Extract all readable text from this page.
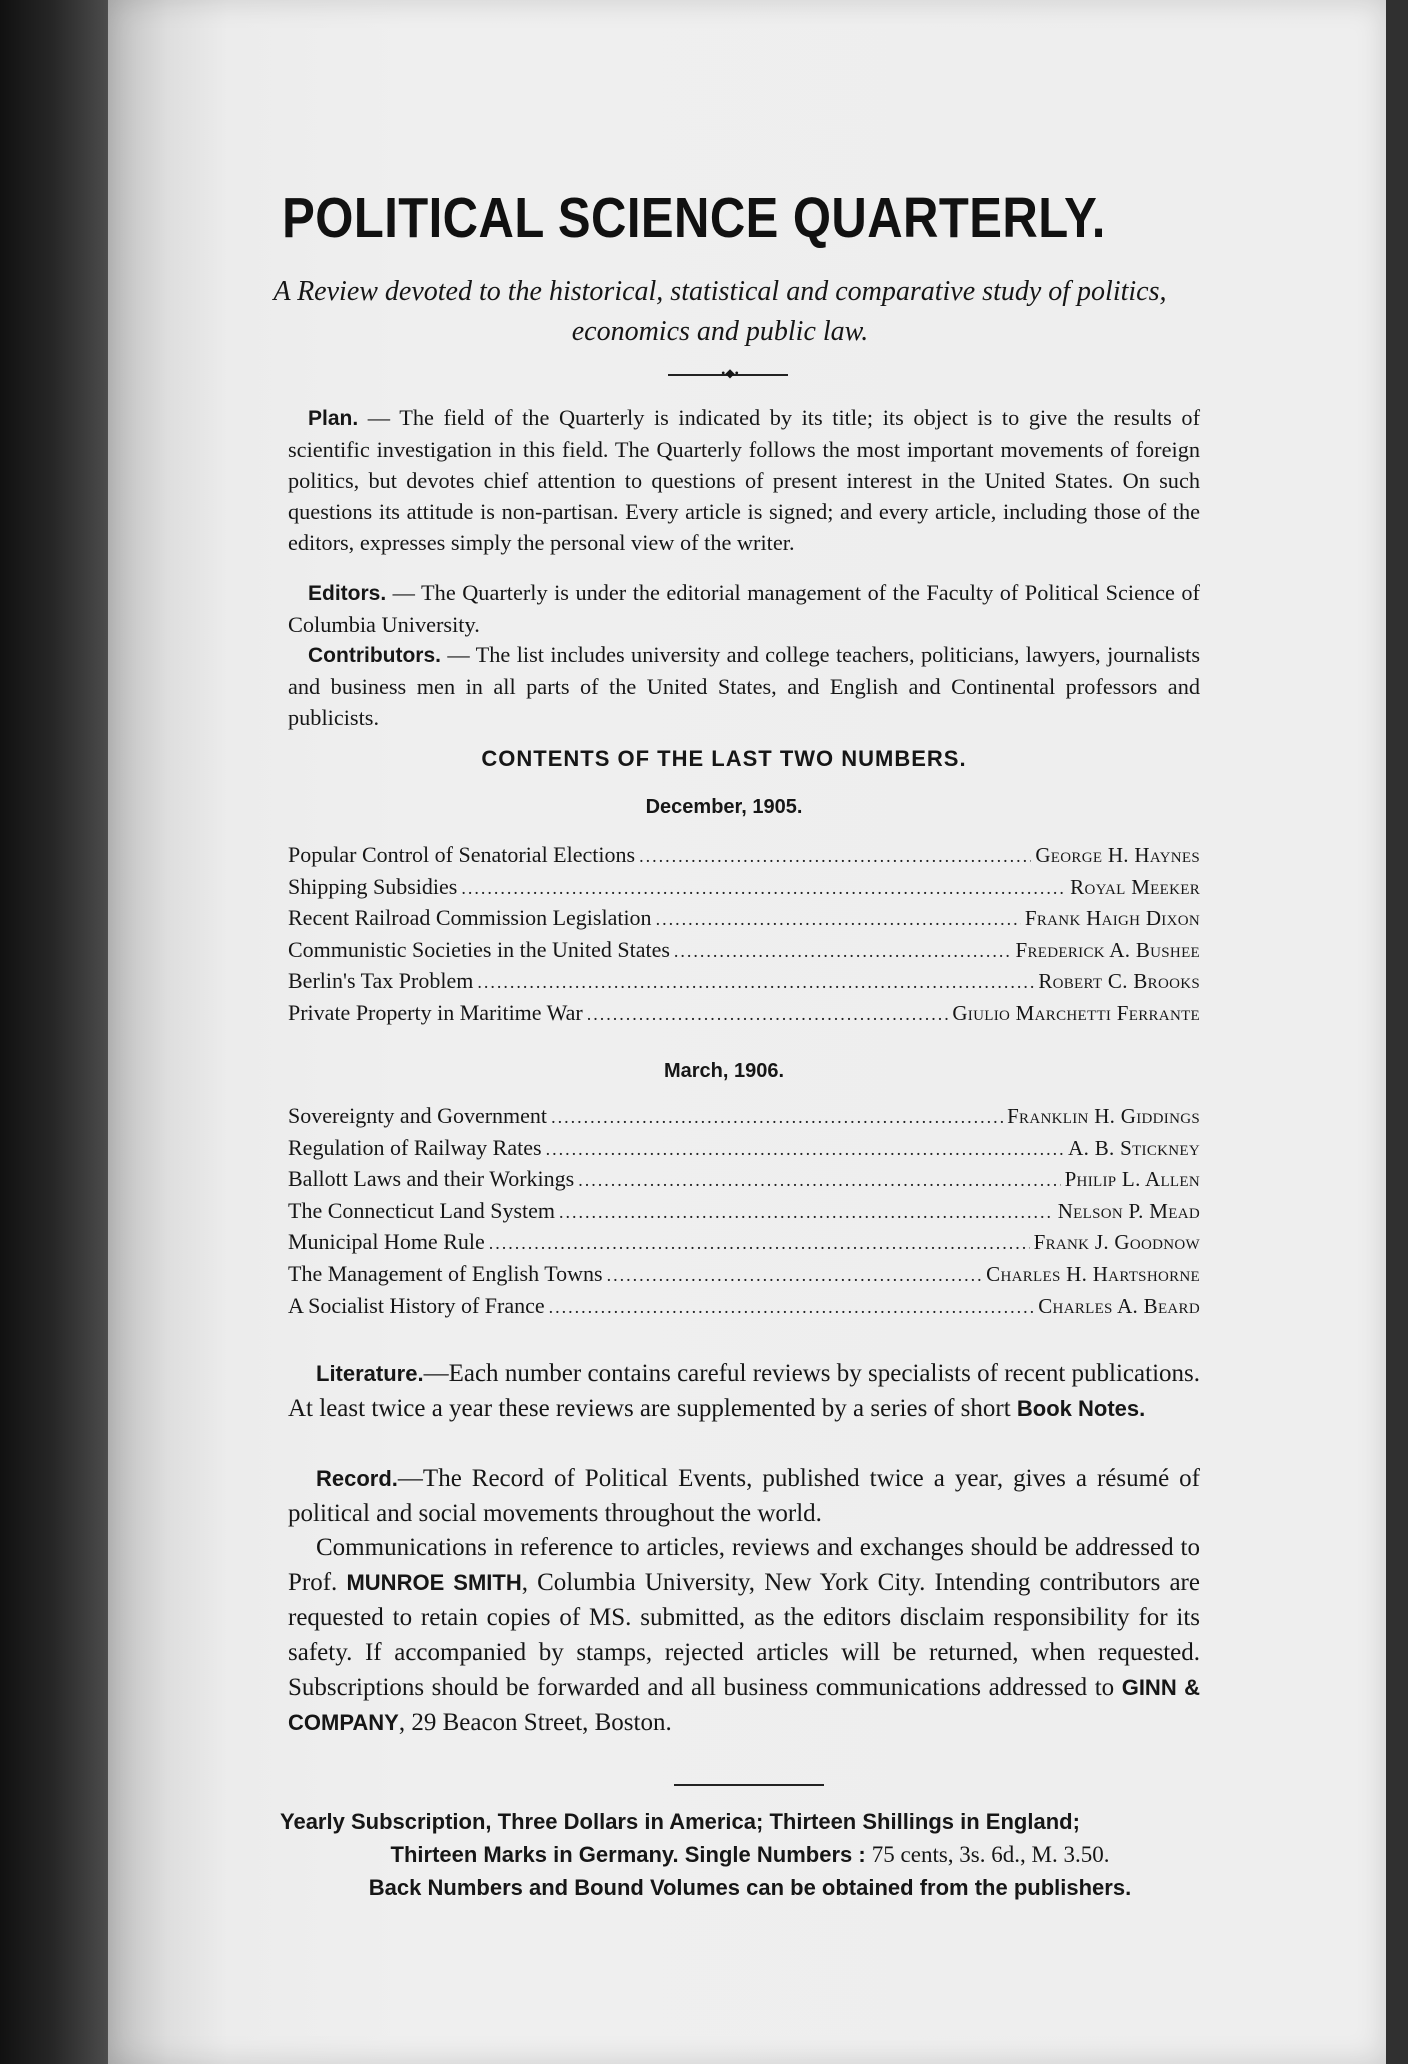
POLITICAL SCIENCE QUARTERLY.
A Review devoted to the historical, statistical and comparative study of politics, economics and public law.
•◆•
Plan. — The field of the Quarterly is indicated by its title; its object is to give the results of scientific investigation in this field. The Quarterly follows the most important movements of foreign politics, but devotes chief attention to questions of present interest in the United States. On such questions its attitude is non-partisan. Every article is signed; and every article, including those of the editors, expresses simply the personal view of the writer.
Editors. — The Quarterly is under the editorial management of the Faculty of Political Science of Columbia University.
Contributors. — The list includes university and college teachers, politicians, lawyers, journalists and business men in all parts of the United States, and English and Continental professors and publicists.
CONTENTS OF THE LAST TWO NUMBERS.
December, 1905.
Popular Control of Senatorial Elections .....	George H. Haynes
Shipping Subsidies .....	Royal Meeker
Recent Railroad Commission Legislation .....	Frank Haigh Dixon
Communistic Societies in the United States .....	Frederick A. Bushee
Berlin's Tax Problem .....	Robert C. Brooks
Private Property in Maritime War .....	Giulio Marchetti Ferrante
March, 1906.
Sovereignty and Government .....	Franklin H. Giddings
Regulation of Railway Rates .....	A. B. Stickney
Ballott Laws and their Workings .....	Philip L. Allen
The Connecticut Land System .....	Nelson P. Mead
Municipal Home Rule .....	Frank J. Goodnow
The Management of English Towns .....	Charles H. Hartshorne
A Socialist History of France .....	Charles A. Beard
Literature.—Each number contains careful reviews by specialists of recent publications. At least twice a year these reviews are supplemented by a series of short Book Notes.
Record.—The Record of Political Events, published twice a year, gives a résumé of political and social movements throughout the world.
Communications in reference to articles, reviews and exchanges should be addressed to Prof. MUNROE SMITH, Columbia University, New York City. Intending contributors are requested to retain copies of MS. submitted, as the editors disclaim responsibility for its safety. If accompanied by stamps, rejected articles will be returned, when requested. Subscriptions should be forwarded and all business communications addressed to GINN & COMPANY, 29 Beacon Street, Boston.
Yearly Subscription, Three Dollars in America; Thirteen Shillings in England;
Thirteen Marks in Germany. Single Numbers : 75 cents, 3s. 6d., M. 3.50.
Back Numbers and Bound Volumes can be obtained from the publishers.
